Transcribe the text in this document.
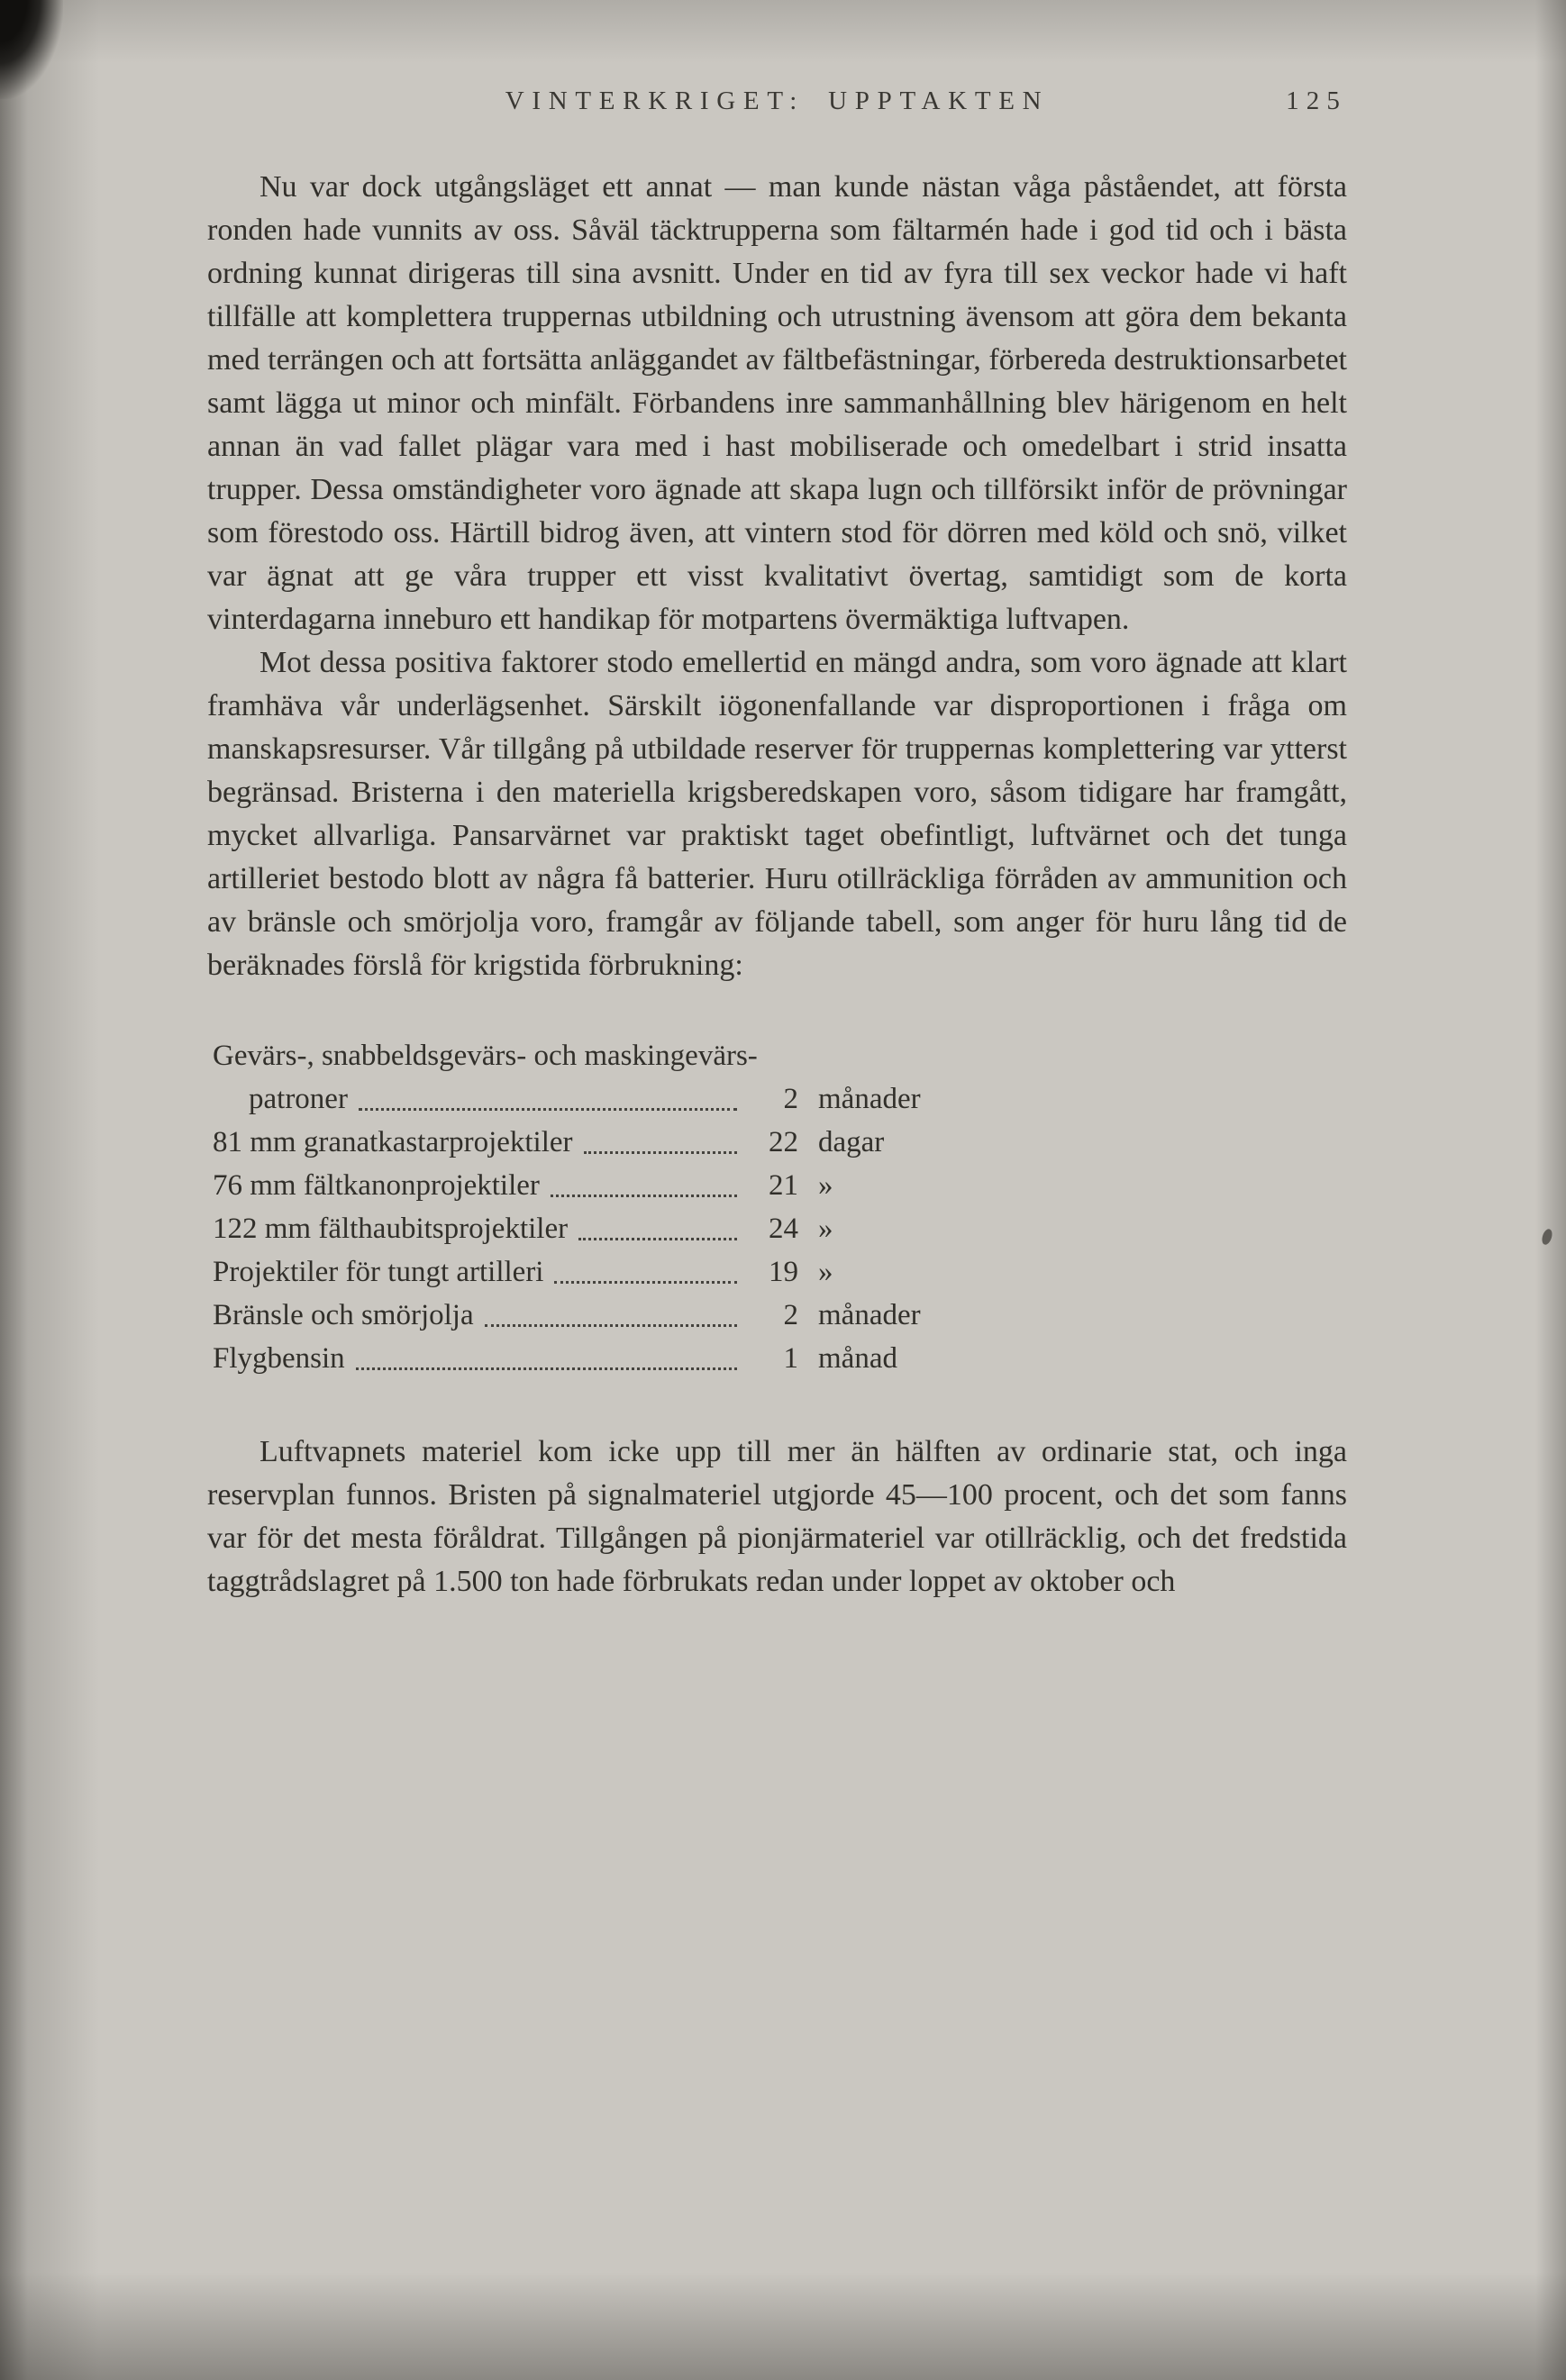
VINTERKRIGET: UPPTAKTEN	125

Nu var dock utgångsläget ett annat — man kunde nästan våga påståendet, att första ronden hade vunnits av oss. Såväl täcktrupperna som fältarmén hade i god tid och i bästa ordning kunnat dirigeras till sina avsnitt. Under en tid av fyra till sex veckor hade vi haft tillfälle att komplettera truppernas utbildning och utrustning ävensom att göra dem bekanta med terrängen och att fortsätta anläggandet av fältbefästningar, förbereda destruktionsarbetet samt lägga ut minor och minfält. Förbandens inre sammanhållning blev härigenom en helt annan än vad fallet plägar vara med i hast mobiliserade och omedelbart i strid insatta trupper. Dessa omständigheter voro ägnade att skapa lugn och tillförsikt inför de prövningar som förestodo oss. Härtill bidrog även, att vintern stod för dörren med köld och snö, vilket var ägnat att ge våra trupper ett visst kvalitativt övertag, samtidigt som de korta vinterdagarna inneburo ett handikap för motpartens övermäktiga luftvapen.

Mot dessa positiva faktorer stodo emellertid en mängd andra, som voro ägnade att klart framhäva vår underlägsenhet. Särskilt iögonenfallande var disproportionen i fråga om manskapsresurser. Vår tillgång på utbildade reserver för truppernas komplettering var ytterst begränsad. Bristerna i den materiella krigsberedskapen voro, såsom tidigare har framgått, mycket allvarliga. Pansarvärnet var praktiskt taget obefintligt, luftvärnet och det tunga artilleriet bestodo blott av några få batterier. Huru otillräckliga förråden av ammunition och av bränsle och smörjolja voro, framgår av följande tabell, som anger för huru lång tid de beräknades förslå för krigstida förbrukning:

Gevärs-, snabbeldsgevärs- och maskingevärs-
patroner	2 månader
81 mm granatkastarprojektiler	22 dagar
76 mm fältkanonprojektiler	21 »
122 mm fälthaubitsprojektiler	24 »
Projektiler för tungt artilleri	19 »
Bränsle och smörjolja	2 månader
Flygbensin	1 månad

Luftvapnets materiel kom icke upp till mer än hälften av ordinarie stat, och inga reservplan funnos. Bristen på signalmateriel utgjorde 45—100 procent, och det som fanns var för det mesta föråldrat. Tillgången på pionjärmateriel var otillräcklig, och det fredstida taggtrådslagret på 1.500 ton hade förbrukats redan under loppet av oktober och
